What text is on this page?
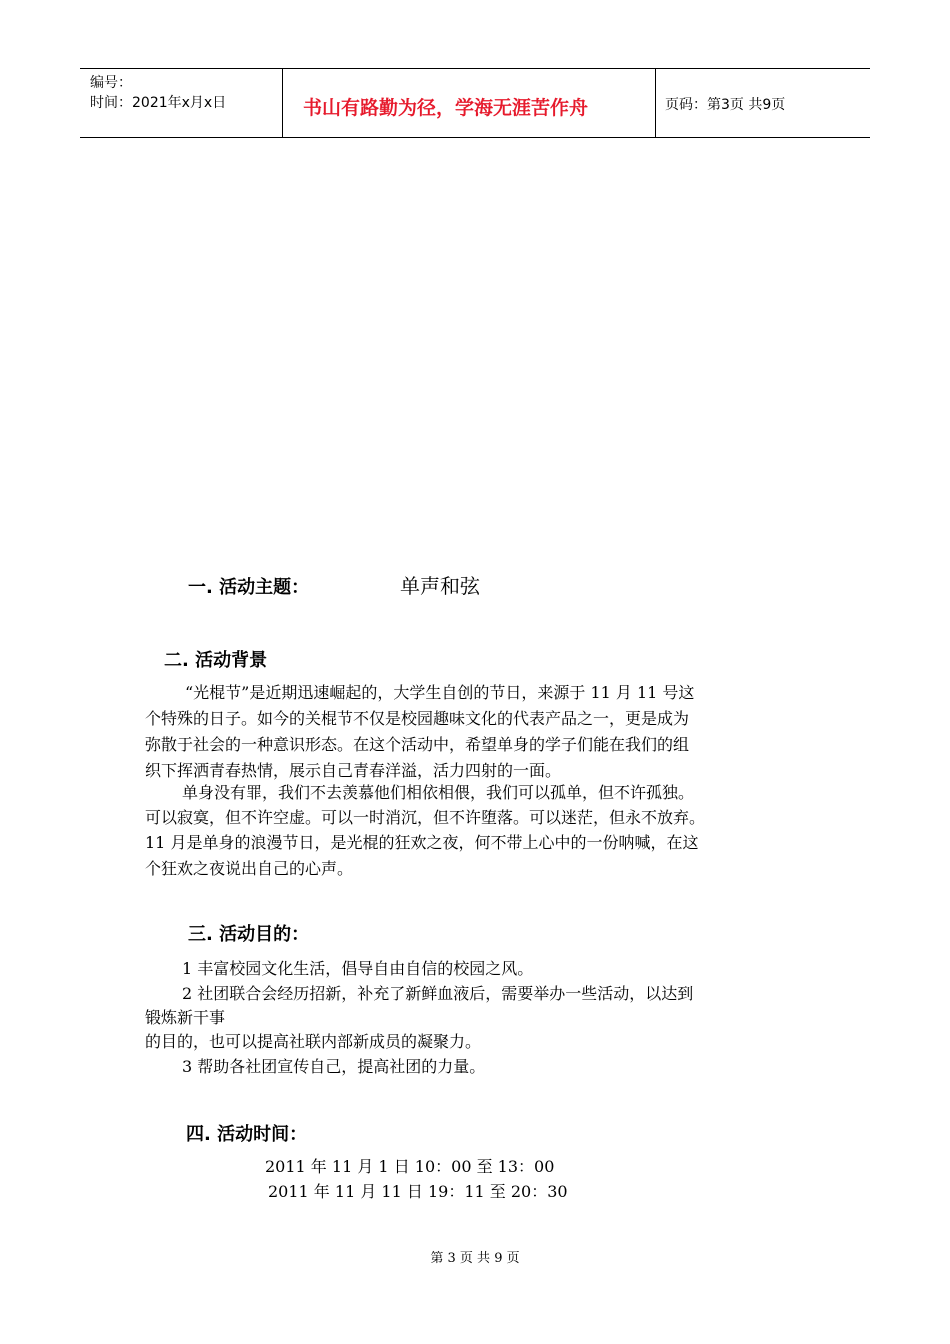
编号：
时间：2021年x月x日	书山有路勤为径，学海无涯苦作舟	页码：第3页 共9页
一. 活动主题：	单声和弦
二. 活动背景
“光棍节”是近期迅速崛起的，大学生自创的节日，来源于 11 月 11 号这
个特殊的日子。如今的关棍节不仅是校园趣味文化的代表产品之一，更是成为
弥散于社会的一种意识形态。在这个活动中，希望单身的学子们能在我们的组
织下挥洒青春热情，展示自己青春洋溢，活力四射的一面。
单身没有罪，我们不去羡慕他们相依相偎，我们可以孤单，但不许孤独。
可以寂寞，但不许空虚。可以一时消沉，但不许堕落。可以迷茫，但永不放弃。
11 月是单身的浪漫节日，是光棍的狂欢之夜，何不带上心中的一份呐喊，在这
个狂欢之夜说出自己的心声。
三. 活动目的：
1 丰富校园文化生活，倡导自由自信的校园之风。
2 社团联合会经历招新，补充了新鲜血液后，需要举办一些活动，以达到
锻炼新干事
的目的，也可以提高社联内部新成员的凝聚力。
3 帮助各社团宣传自己，提高社团的力量。
四. 活动时间：
2011 年 11 月 1 日 10：00 至 13：00
2011 年 11 月 11 日 19：11 至 20：30
第 3 页 共 9 页
